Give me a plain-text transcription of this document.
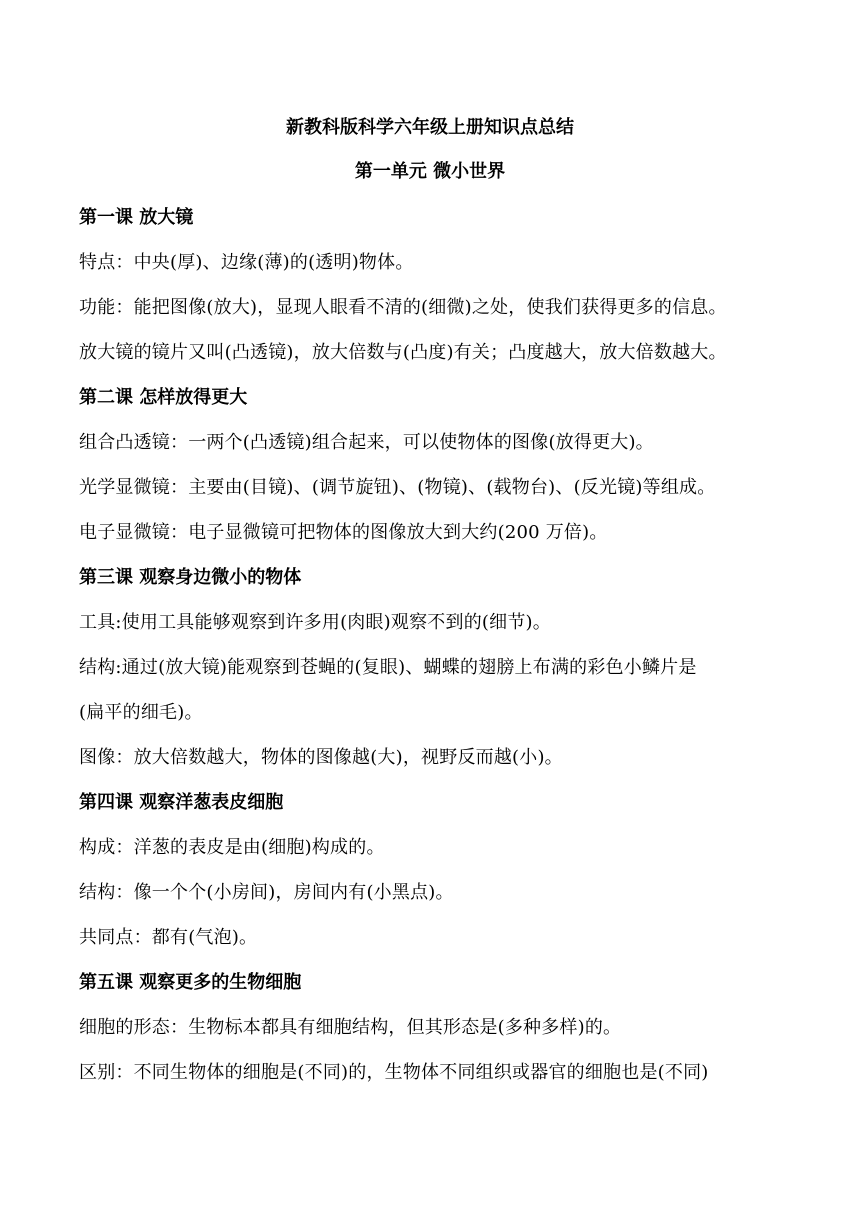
新教科版科学六年级上册知识点总结
第一单元 微小世界
第一课 放大镜
特点：中央(厚)、边缘(薄)的(透明)物体。
功能：能把图像(放大)，显现人眼看不清的(细微)之处，使我们获得更多的信息。
放大镜的镜片又叫(凸透镜)，放大倍数与(凸度)有关；凸度越大，放大倍数越大。
第二课 怎样放得更大
组合凸透镜：一两个(凸透镜)组合起来，可以使物体的图像(放得更大)。
光学显微镜：主要由(目镜)、(调节旋钮)、(物镜)、(载物台)、(反光镜)等组成。
电子显微镜：电子显微镜可把物体的图像放大到大约(200 万倍)。
第三课 观察身边微小的物体
工具:使用工具能够观察到许多用(肉眼)观察不到的(细节)。
结构:通过(放大镜)能观察到苍蝇的(复眼)、蝴蝶的翅膀上布满的彩色小鳞片是
(扁平的细毛)。
图像：放大倍数越大，物体的图像越(大)，视野反而越(小)。
第四课 观察洋葱表皮细胞
构成：洋葱的表皮是由(细胞)构成的。
结构：像一个个(小房间)，房间内有(小黑点)。
共同点：都有(气泡)。
第五课 观察更多的生物细胞
细胞的形态：生物标本都具有细胞结构，但其形态是(多种多样)的。
区别：不同生物体的细胞是(不同)的，生物体不同组织或器官的细胞也是(不同)
